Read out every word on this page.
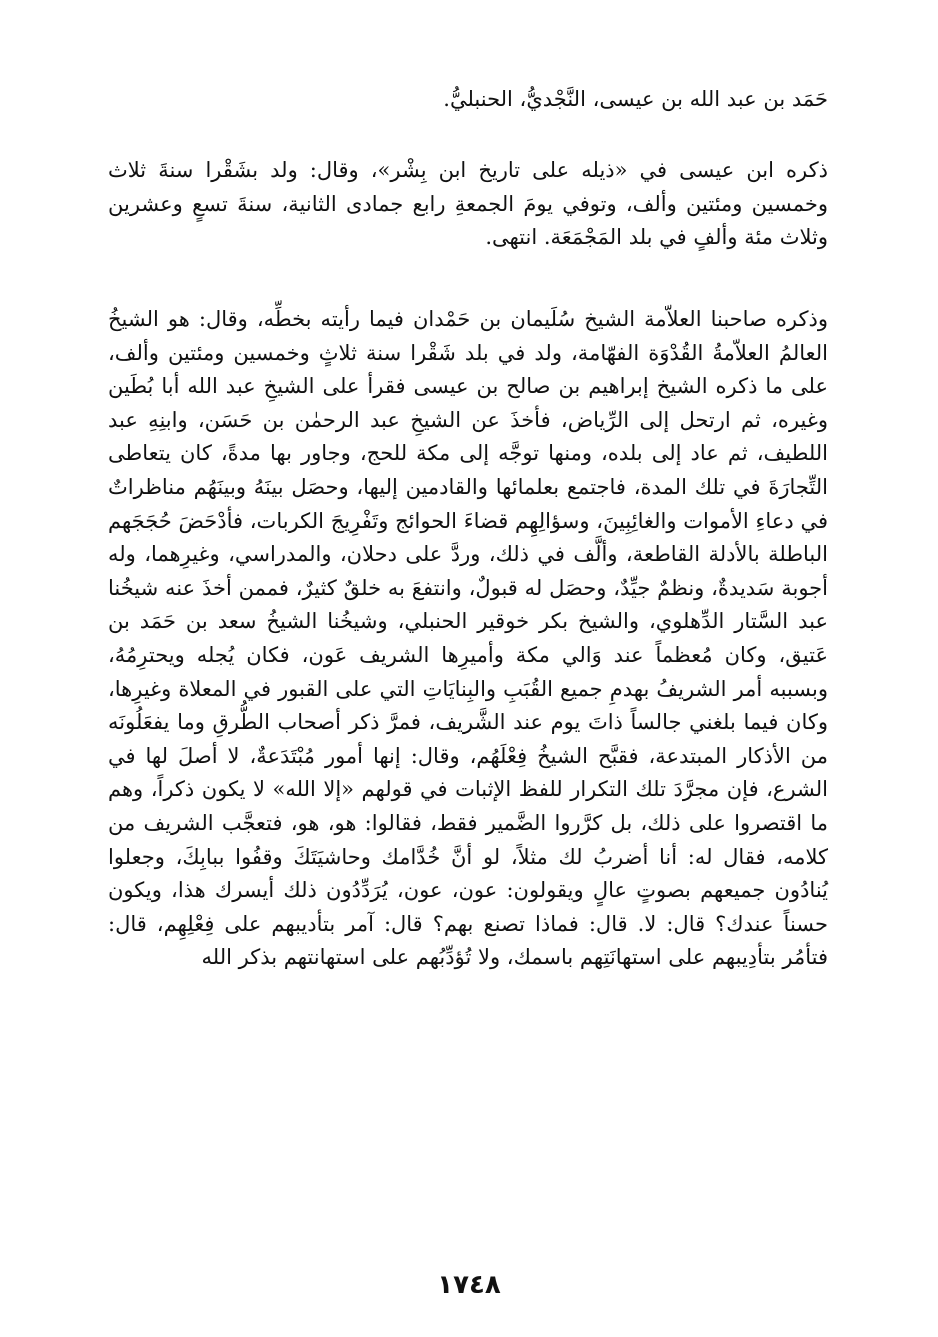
حَمَد بن عبد الله بن عيسى، النَّجْديُّ، الحنبليُّ.

ذكره ابن عيسى في «ذيله على تاريخ ابن بِشْر»، وقال: ولد بشَقْرا سنةَ ثلاث وخمسين ومئتين وألف، وتوفي يومَ الجمعةِ رابع جمادى الثانية، سنةَ تسعٍ وعشرين وثلاث مئة وألفٍ في بلد المَجْمَعَة. انتهى.

وذكره صاحبنا العلاّمة الشيخ سُلَيمان بن حَمْدان فيما رأيته بخطِّه، وقال: هو الشيخُ العالمُ العلاّمةُ القُدْوَة الفهّامة، ولد في بلد شَقْرا سنة ثلاثٍ وخمسين ومئتين وألف، على ما ذكره الشيخ إبراهيم بن صالح بن عيسى فقرأ على الشيخِ عبد الله أبا بُطَين وغيره، ثم ارتحل إلى الرِّياض، فأخذَ عن الشيخِ عبد الرحمٰن بن حَسَن، وابنِهِ عبد اللطيف، ثم عاد إلى بلده، ومنها توجَّه إلى مكة للحج، وجاور بها مدةً، كان يتعاطى التِّجارَةَ في تلك المدة، فاجتمع بعلمائها والقادمين إليها، وحصَل بينَهُ وبينَهُم مناظراتٌ في دعاءِ الأموات والغائِبِينَ، وسؤالِهِم قضاءَ الحوائج وتَفْرِيجَ الكربات، فأدْحَضَ حُجَجَهم الباطلة بالأدلة القاطعة، وألَّف في ذلك، وردَّ على دحلان، والمدراسي، وغيرِهما، وله أجوبة سَديدةٌ، ونظمٌ جيِّدٌ، وحصَل له قبولٌ، وانتفعَ به خلقٌ كثيرٌ، فممن أخذَ عنه شيخُنا عبد السَّتار الدِّهلوي، والشيخ بكر خوقير الحنبلي، وشيخُنا الشيخُ سعد بن حَمَد بن عَتيق، وكان مُعظماً عند وَالي مكة وأميرِها الشريف عَون، فكان يُجله ويحترِمُهُ، وبسببه أمر الشريفُ بهدمِ جميع القُبَبِ والبِنايَاتِ التي على القبور في المعلاة وغيرِها، وكان فيما بلغني جالساً ذاتَ يوم عند الشَّريف، فمرَّ ذكر أصحاب الطُّرقِ وما يفعَلُونَه من الأذكار المبتدعة، فقبَّح الشيخُ فِعْلَهُم، وقال: إنها أمور مُبْتَدَعةٌ، لا أصلَ لها في الشرع، فإن مجرَّدَ تلك التكرار للفظ الإثبات في قولهم «إلا الله» لا يكون ذكراً، وهم ما اقتصروا على ذلك، بل كرَّروا الضَّمير فقط، فقالوا: هو، هو، فتعجَّب الشريف من كلامه، فقال له: أنا أضربُ لك مثلاً، لو أنَّ خُدَّامك وحاشيَتَكَ وقفُوا ببابِكَ، وجعلوا يُنادُون جميعهم بصوتٍ عالٍ ويقولون: عون، عون، يُرَدِّدُون ذلك أيسرك هذا، ويكون حسناً عندك؟ قال: لا. قال: فماذا تصنع بهم؟ قال: آمر بتأديبهم على فِعْلِهِم، قال: فتأمُر بتأدِيبهم على استهانَتِهم باسمك، ولا تُؤدِّبُهم على استهانتهم بذكر الله

١٧٤٨
